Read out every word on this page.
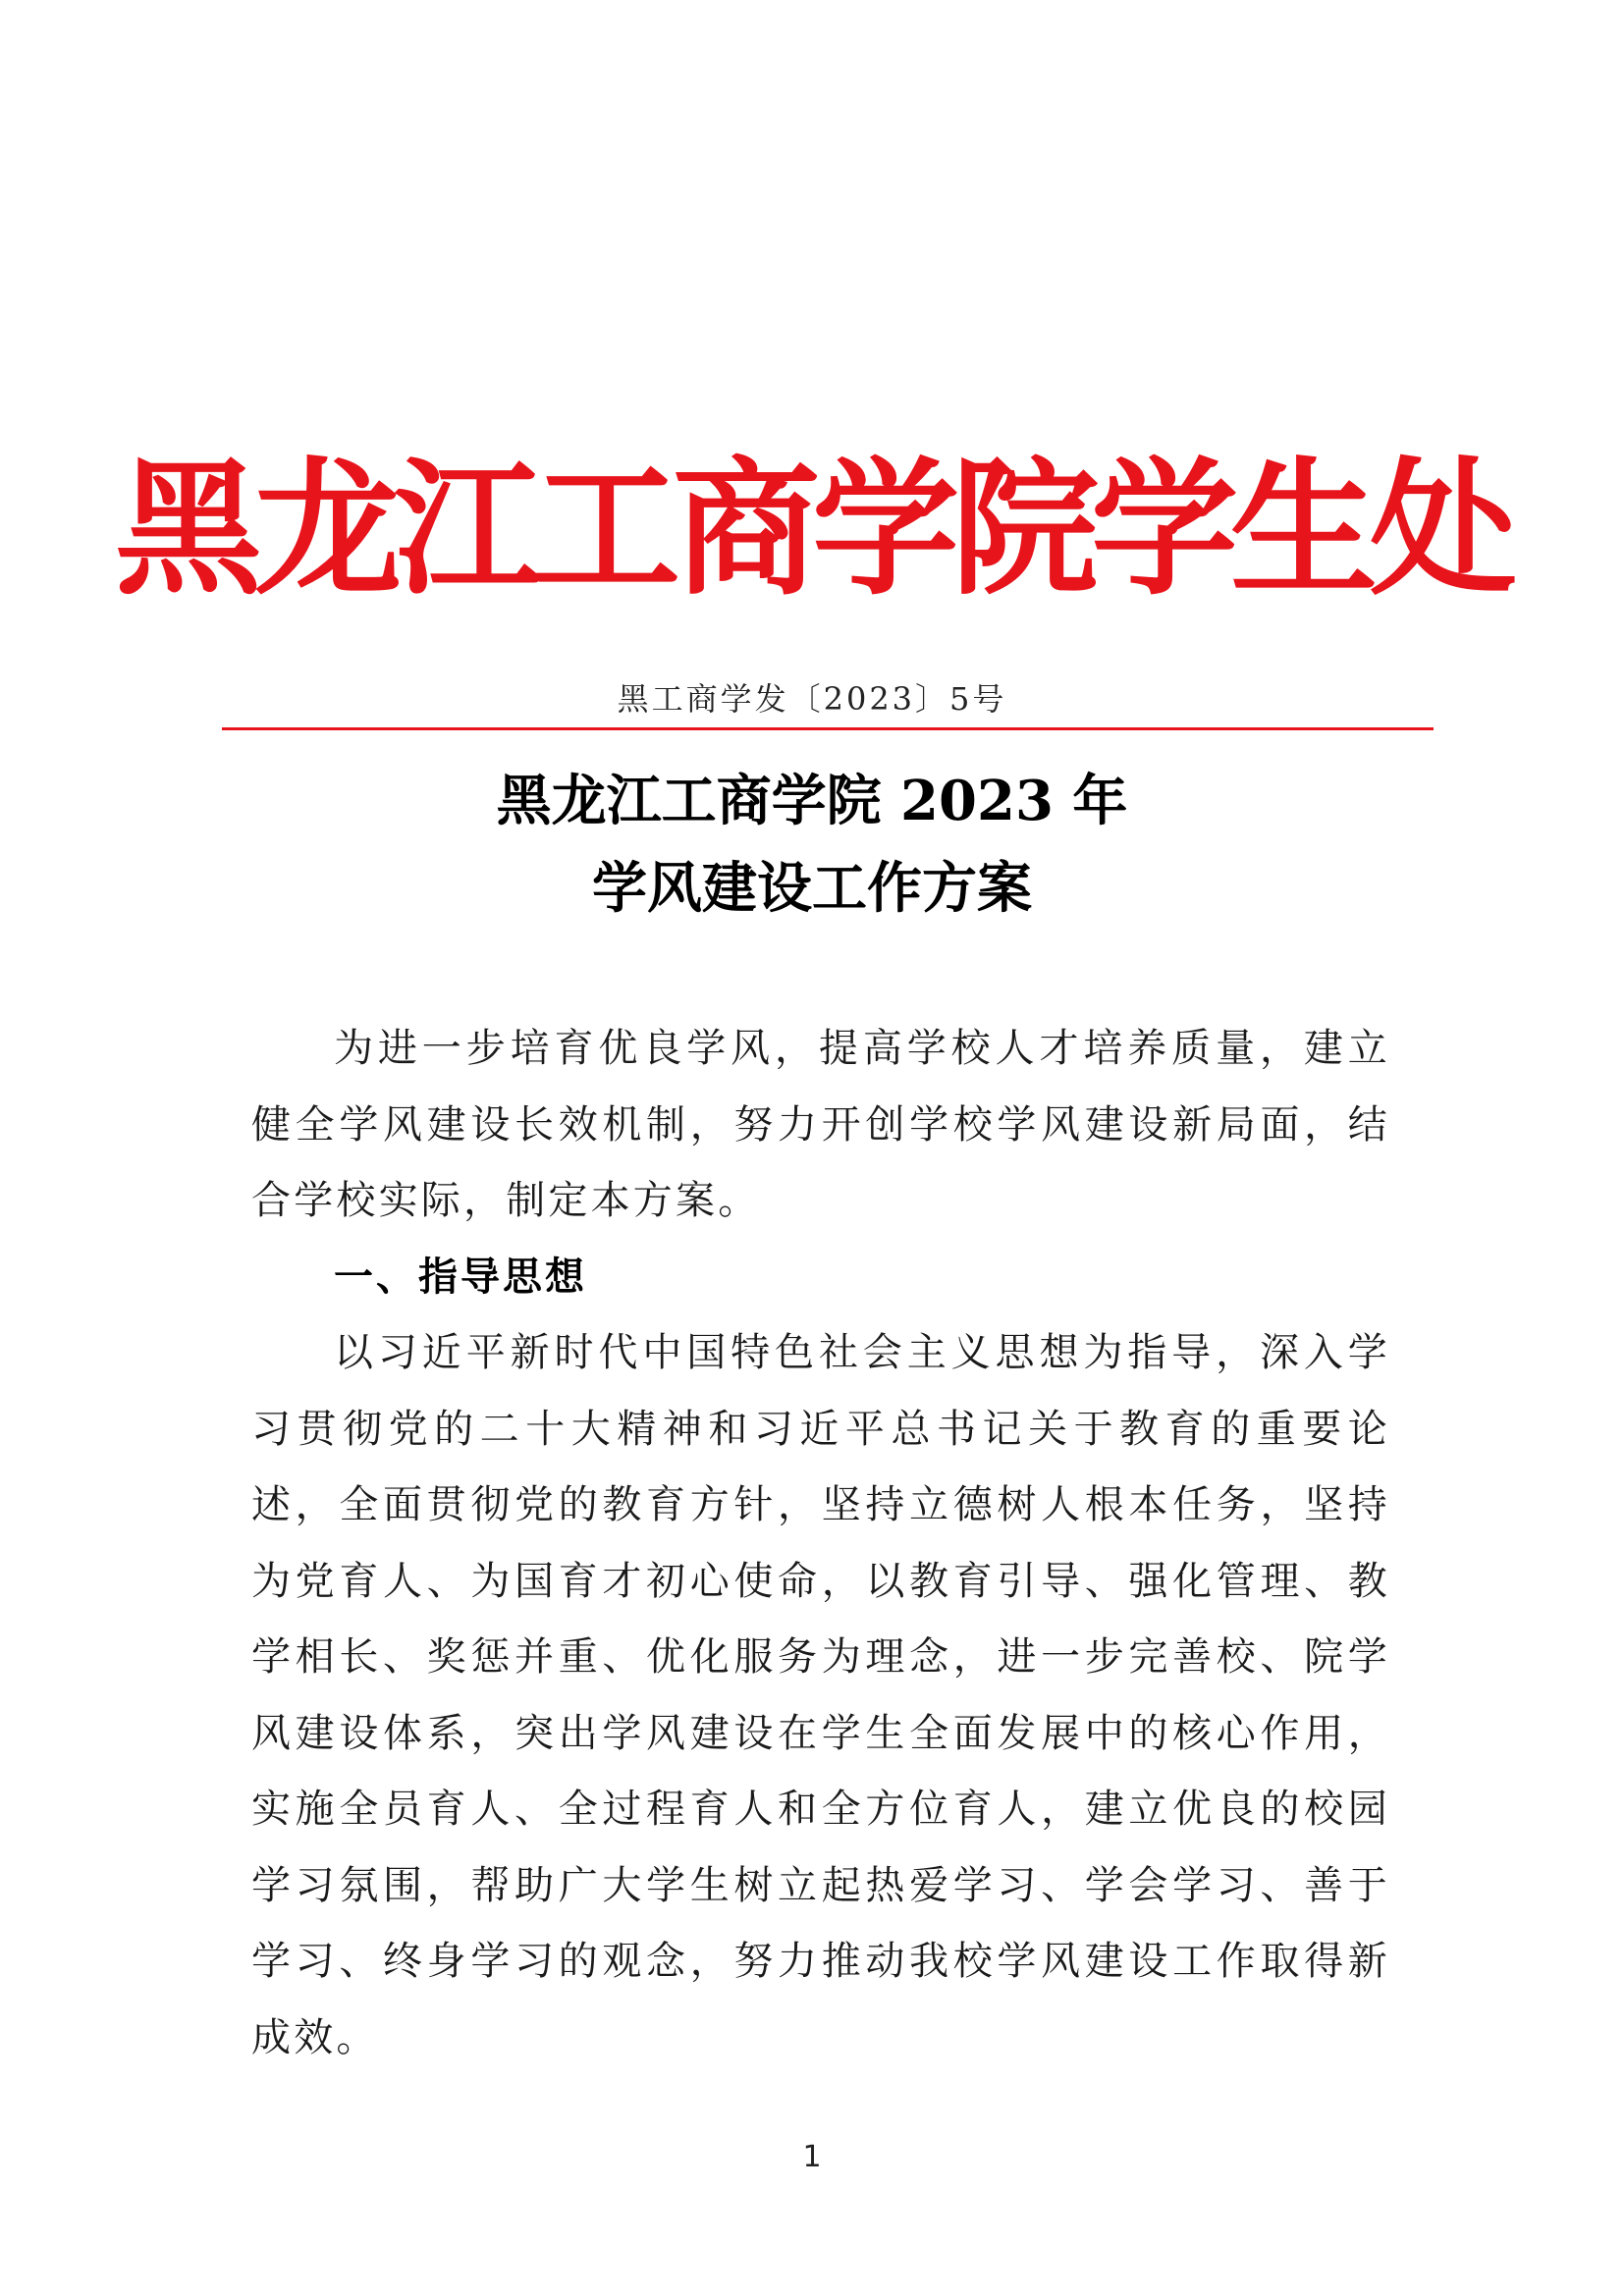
黑龙江工商学院学生处
黑工商学发〔2023〕5号
黑龙江工商学院 2023 年
学风建设工作方案

为进一步培育优良学风，提高学校人才培养质量，建立健全学风建设长效机制，努力开创学校学风建设新局面，结合学校实际，制定本方案。

一、指导思想

以习近平新时代中国特色社会主义思想为指导，深入学习贯彻党的二十大精神和习近平总书记关于教育的重要论述，全面贯彻党的教育方针，坚持立德树人根本任务，坚持为党育人、为国育才初心使命，以教育引导、强化管理、教学相长、奖惩并重、优化服务为理念，进一步完善校、院学风建设体系，突出学风建设在学生全面发展中的核心作用，实施全员育人、全过程育人和全方位育人，建立优良的校园学习氛围，帮助广大学生树立起热爱学习、学会学习、善于学习、终身学习的观念，努力推动我校学风建设工作取得新成效。

1
